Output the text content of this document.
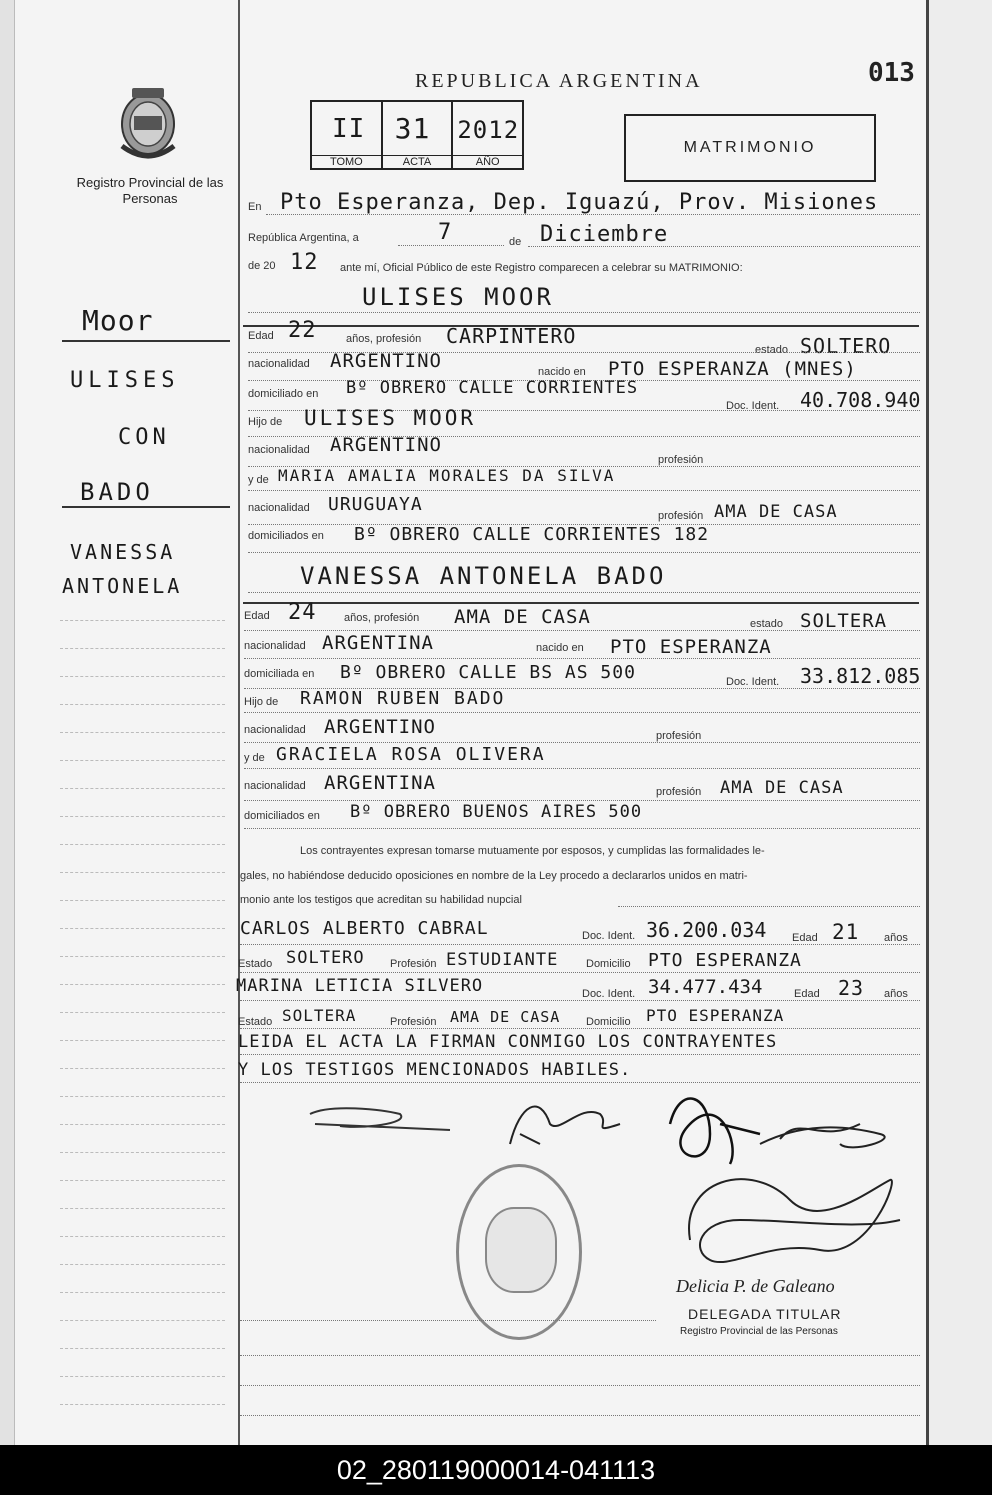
Registro Provincial de las Personas
Moor
ULISES
CON
BADO
VANESSA
ANTONELA
013
REPUBLICA ARGENTINA
II
TOMO
31
ACTA
2012
AÑO
MATRIMONIO
En Pto Esperanza, Dep. Iguazú, Prov. Misiones
República Argentina, a	7	de Diciembre
de 20 12 ante mí, Oficial Público de este Registro comparecen a celebrar su MATRIMONIO:
ULISES MOOR
Edad 22	años, profesión CARPINTERO
estado SOLTERO
nacionalidad ARGENTINO	nacido en PTO ESPERANZA (MNES)
domiciliado en Bº OBRERO CALLE CORRIENTES
Doc. Ident. 40.708.940
Hijo de ULISES MOOR
nacionalidad ARGENTINO
profesión
y de MARIA AMALIA MORALES DA SILVA
nacionalidad URUGUAYA
profesión AMA DE CASA
domiciliados en Bº OBRERO CALLE CORRIENTES 182
VANESSA ANTONELA BADO
Edad 24	años, profesión AMA DE CASA	estado SOLTERA
nacionalidad ARGENTINA	nacido en PTO ESPERANZA
domiciliada en Bº OBRERO CALLE BS AS 500	Doc. Ident. 33.812.085
Hijo de RAMON RUBEN BADO
nacionalidad ARGENTINO	profesión
y de GRACIELA ROSA OLIVERA
nacionalidad ARGENTINA	profesión AMA DE CASA
domiciliados en Bº OBRERO BUENOS AIRES 500
Los contrayentes expresan tomarse mutuamente por esposos, y cumplidas las formalidades le-
gales, no habiéndose deducido oposiciones en nombre de la Ley procedo a declararlos unidos en matri-
monio ante los testigos que acreditan su habilidad nupcial
CARLOS ALBERTO CABRAL	Doc. Ident. 36.200.034 Edad 21 años
Estado SOLTERO Profesión ESTUDIANTE	Domicilio PTO ESPERANZA
MARINA LETICIA SILVERO	Doc. Ident. 34.477.434	Edad 23 años
Estado SOLTERA	Profesión AMA DE CASA Domicilio PTO ESPERANZA
LEIDA EL ACTA LA FIRMAN CONMIGO LOS CONTRAYENTES
Y LOS TESTIGOS MENCIONADOS HABILES.
Delicia P. de Galeano
DELEGADA TITULAR
Registro Provincial de las Personas
02_280119000014-041113
